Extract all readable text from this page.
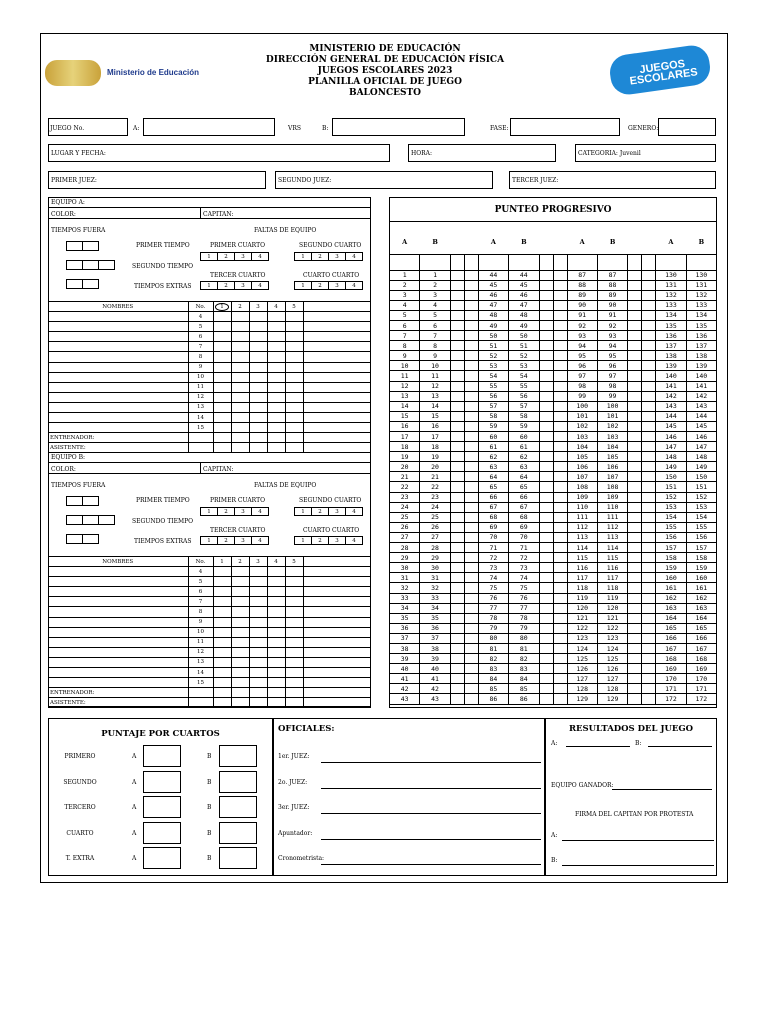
Ministerio de Educación
MINISTERIO DE EDUCACIÓN
DIRECCIÓN GENERAL DE EDUCACIÓN FÍSICA
JUEGOS ESCOLARES 2023
PLANILLA OFICIAL DE JUEGO
BALONCESTO
JUEGOS ESCOLARES
JUEGO No.	A:	VRS	B:	FASE:	GENERO:
LUGAR Y FECHA:	HORA:	CATEGORIA: Juvenil
PRIMER JUEZ:	SEGUNDO JUEZ:	TERCER JUEZ:
EQUIPO A:
COLOR:	CAPITAN:
TIEMPOS FUERA	FALTAS DE EQUIPO
PRIMER TIEMPO
SEGUNDO TIEMPO
TIEMPOS EXTRAS
PRIMER CUARTO	SEGUNDO CUARTO
TERCER CUARTO	CUARTO CUARTO
1 2 3 4	1 2 3 4
1 2 3 4	1 2 3 4
NOMBRES	No.	1	2	3	4	5	
	4						
	5						
	6						
	7						
	8						
	9						
	10						
	11						
	12						
	13						
	14						
	15						
ENTRENADOR:							
ASISTENTE:							
EQUIPO B:
COLOR:	CAPITAN:
TIEMPOS FUERA	FALTAS DE EQUIPO
PRIMER TIEMPO
SEGUNDO TIEMPO
TIEMPOS EXTRAS
PRIMER CUARTO	SEGUNDO CUARTO
TERCER CUARTO	CUARTO CUARTO
1 2 3 4	1 2 3 4
1 2 3 4	1 2 3 4
NOMBRES	No.	1	2	3	4	5	
	4						
	5						
	6						
	7						
	8						
	9						
	10						
	11						
	12						
	13						
	14						
	15						
ENTRENADOR:							
ASISTENTE:							
PUNTEO PROGRESIVO
A	B			A	B			A	B			A	B

1	1			44	44			87	87			130	130
2	2			45	45			88	88			131	131
3	3			46	46			89	89			132	132
4	4			47	47			90	90			133	133
5	5			48	48			91	91			134	134
6	6			49	49			92	92			135	135
7	7			50	50			93	93			136	136
8	8			51	51			94	94			137	137
9	9			52	52			95	95			138	138
10	10			53	53			96	96			139	139
11	11			54	54			97	97			140	140
12	12			55	55			98	98			141	141
13	13			56	56			99	99			142	142
14	14			57	57			100	100			143	143
15	15			58	58			101	101			144	144
16	16			59	59			102	102			145	145
17	17			60	60			103	103			146	146
18	18			61	61			104	104			147	147
19	19			62	62			105	105			148	148
20	20			63	63			106	106			149	149
21	21			64	64			107	107			150	150
22	22			65	65			108	108			151	151
23	23			66	66			109	109			152	152
24	24			67	67			110	110			153	153
25	25			68	68			111	111			154	154
26	26			69	69			112	112			155	155
27	27			70	70			113	113			156	156
28	28			71	71			114	114			157	157
29	29			72	72			115	115			158	158
30	30			73	73			116	116			159	159
31	31			74	74			117	117			160	160
32	32			75	75			118	118			161	161
33	33			76	76			119	119			162	162
34	34			77	77			120	120			163	163
35	35			78	78			121	121			164	164
36	36			79	79			122	122			165	165
37	37			80	80			123	123			166	166
38	38			81	81			124	124			167	167
39	39			82	82			125	125			168	168
40	40			83	83			126	126			169	169
41	41			84	84			127	127			170	170
42	42			85	85			128	128			171	171
43	43			86	86			129	129			172	172
PUNTAJE POR CUARTOS
PRIMERO	A	B
SEGUNDO	A	B
TERCERO	A	B
CUARTO	A	B
T. EXTRA	A	B
OFICIALES:
1er. JUEZ:
2o. JUEZ:
3er. JUEZ:
Apuntador:
Cronometrista:
RESULTADOS DEL JUEGO
A:	B:
EQUIPO GANADOR:
FIRMA DEL CAPITAN POR PROTESTA
A:
B:
